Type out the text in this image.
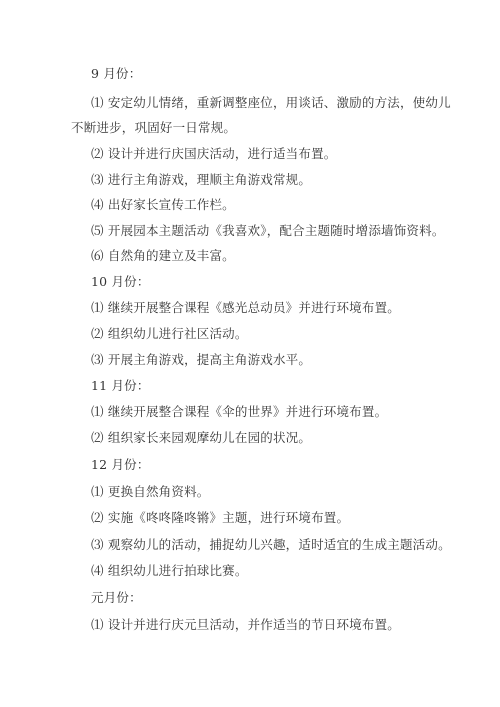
9 月份：
⑴ 安定幼儿情绪，重新调整座位，用谈话、激励的方法，使幼儿
不断进步，巩固好一日常规。
⑵ 设计并进行庆国庆活动，进行适当布置。
⑶ 进行主角游戏，理顺主角游戏常规。
⑷ 出好家长宣传工作栏。
⑸ 开展园本主题活动《我喜欢》，配合主题随时增添墙饰资料。
⑹ 自然角的建立及丰富。
10 月份：
⑴ 继续开展整合课程《感光总动员》并进行环境布置。
⑵ 组织幼儿进行社区活动。
⑶ 开展主角游戏，提高主角游戏水平。
11 月份：
⑴ 继续开展整合课程《伞的世界》并进行环境布置。
⑵ 组织家长来园观摩幼儿在园的状况。
12 月份：
⑴ 更换自然角资料。
⑵ 实施《咚咚隆咚锵》主题，进行环境布置。
⑶ 观察幼儿的活动，捕捉幼儿兴趣，适时适宜的生成主题活动。
⑷ 组织幼儿进行拍球比赛。
元月份：
⑴ 设计并进行庆元旦活动，并作适当的节日环境布置。
